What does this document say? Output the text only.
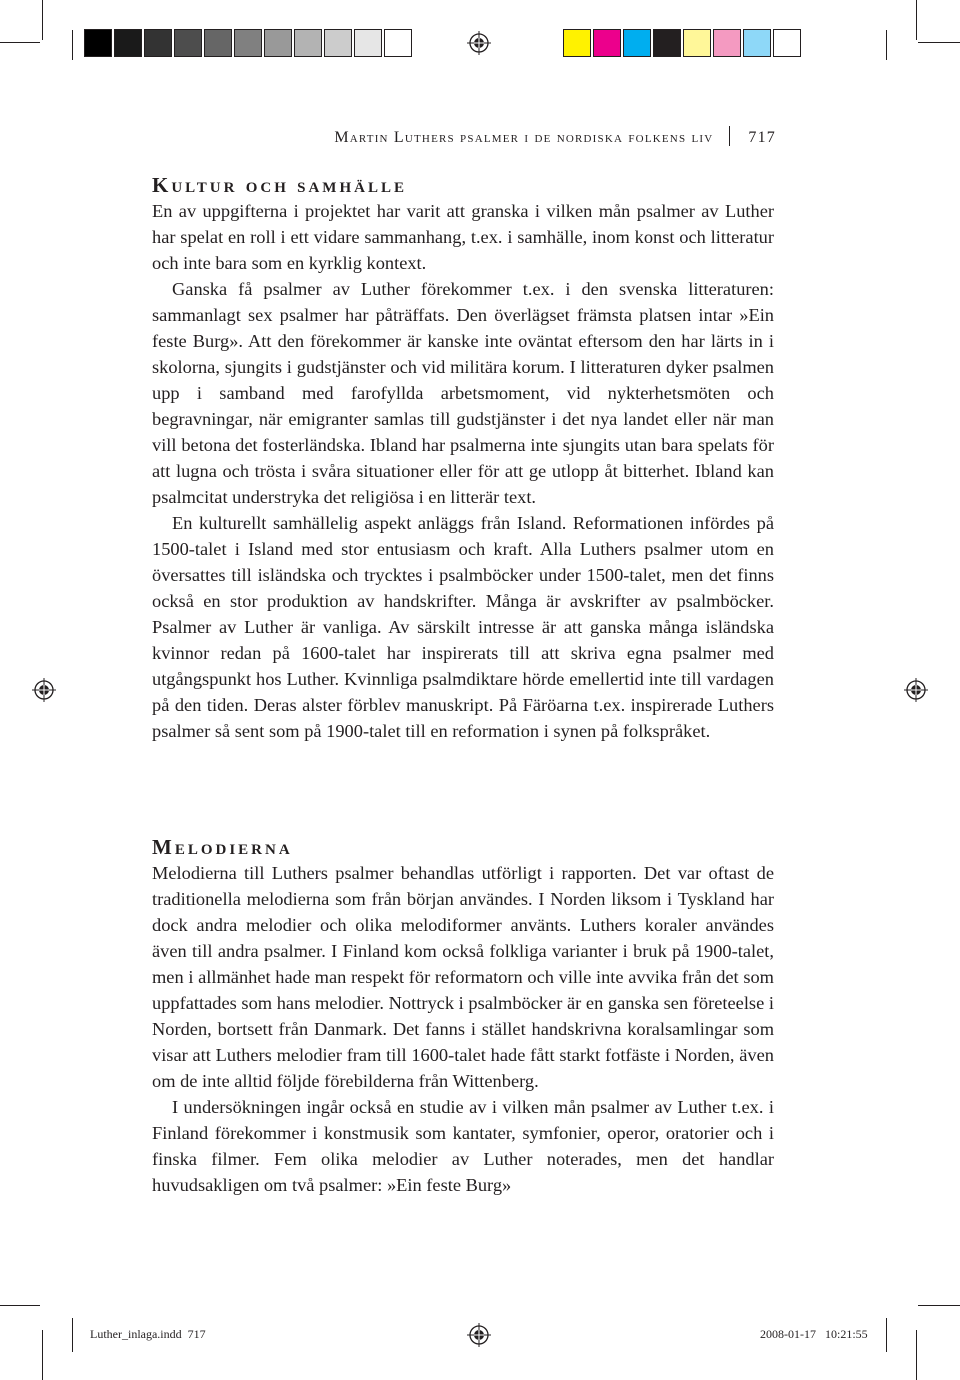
Martin Luthers psalmer i de nordiska folkens liv 717
Kultur och samhälle

En av uppgifterna i projektet har varit att granska i vilken mån psalmer av Luther har spelat en roll i ett vidare sammanhang, t.ex. i samhälle, inom konst och litteratur och inte bara som en kyrklig kontext.

Ganska få psalmer av Luther förekommer t.ex. i den svenska litteraturen: sammanlagt sex psalmer har påträffats. Den överlägset främsta platsen intar »Ein feste Burg». Att den förekommer är kanske inte oväntat eftersom den har lärts in i skolorna, sjungits i gudstjänster och vid militära korum. I litteraturen dyker psalmen upp i samband med farofyllda arbetsmoment, vid nykterhetsmöten och begravningar, när emigranter samlas till gudstjänster i det nya landet eller när man vill betona det fosterländska. Ibland har psalmerna inte sjungits utan bara spelats för att lugna och trösta i svåra situationer eller för att ge utlopp åt bitterhet. Ibland kan psalmcitat understryka det religiösa i en litterär text.

En kulturellt samhällelig aspekt anläggs från Island. Reformationen infördes på 1500-talet i Island med stor entusiasm och kraft. Alla Luthers psalmer utom en översattes till isländska och trycktes i psalmböcker under 1500-talet, men det finns också en stor produktion av handskrifter. Många är avskrifter av psalmböcker. Psalmer av Luther är vanliga. Av särskilt intresse är att ganska många isländska kvinnor redan på 1600-talet har inspirerats till att skriva egna psalmer med utgångspunkt hos Luther. Kvinnliga psalmdiktare hörde emellertid inte till vardagen på den tiden. Deras alster förblev manuskript. På Färöarna t.ex. inspirerade Luthers psalmer så sent som på 1900-talet till en reformation i synen på folkspråket.

Melodierna

Melodierna till Luthers psalmer behandlas utförligt i rapporten. Det var oftast de traditionella melodierna som från början användes. I Norden liksom i Tyskland har dock andra melodier och olika melodiformer använts. Luthers koraler användes även till andra psalmer. I Finland kom också folkliga varianter i bruk på 1900-talet, men i allmänhet hade man respekt för reformatorn och ville inte avvika från det som uppfattades som hans melodier. Nottryck i psalmböcker är en ganska sen företeelse i Norden, bortsett från Danmark. Det fanns i stället handskrivna koralsamlingar som visar att Luthers melodier fram till 1600-talet hade fått starkt fotfäste i Norden, även om de inte alltid följde förebilderna från Wittenberg.

I undersökningen ingår också en studie av i vilken mån psalmer av Luther t.ex. i Finland förekommer i konstmusik som kantater, symfonier, operor, oratorier och i finska filmer. Fem olika melodier av Luther noterades, men det handlar huvudsakligen om två psalmer: »Ein feste Burg»

Luther_inlaga.indd 717	2008-01-17 10:21:55
